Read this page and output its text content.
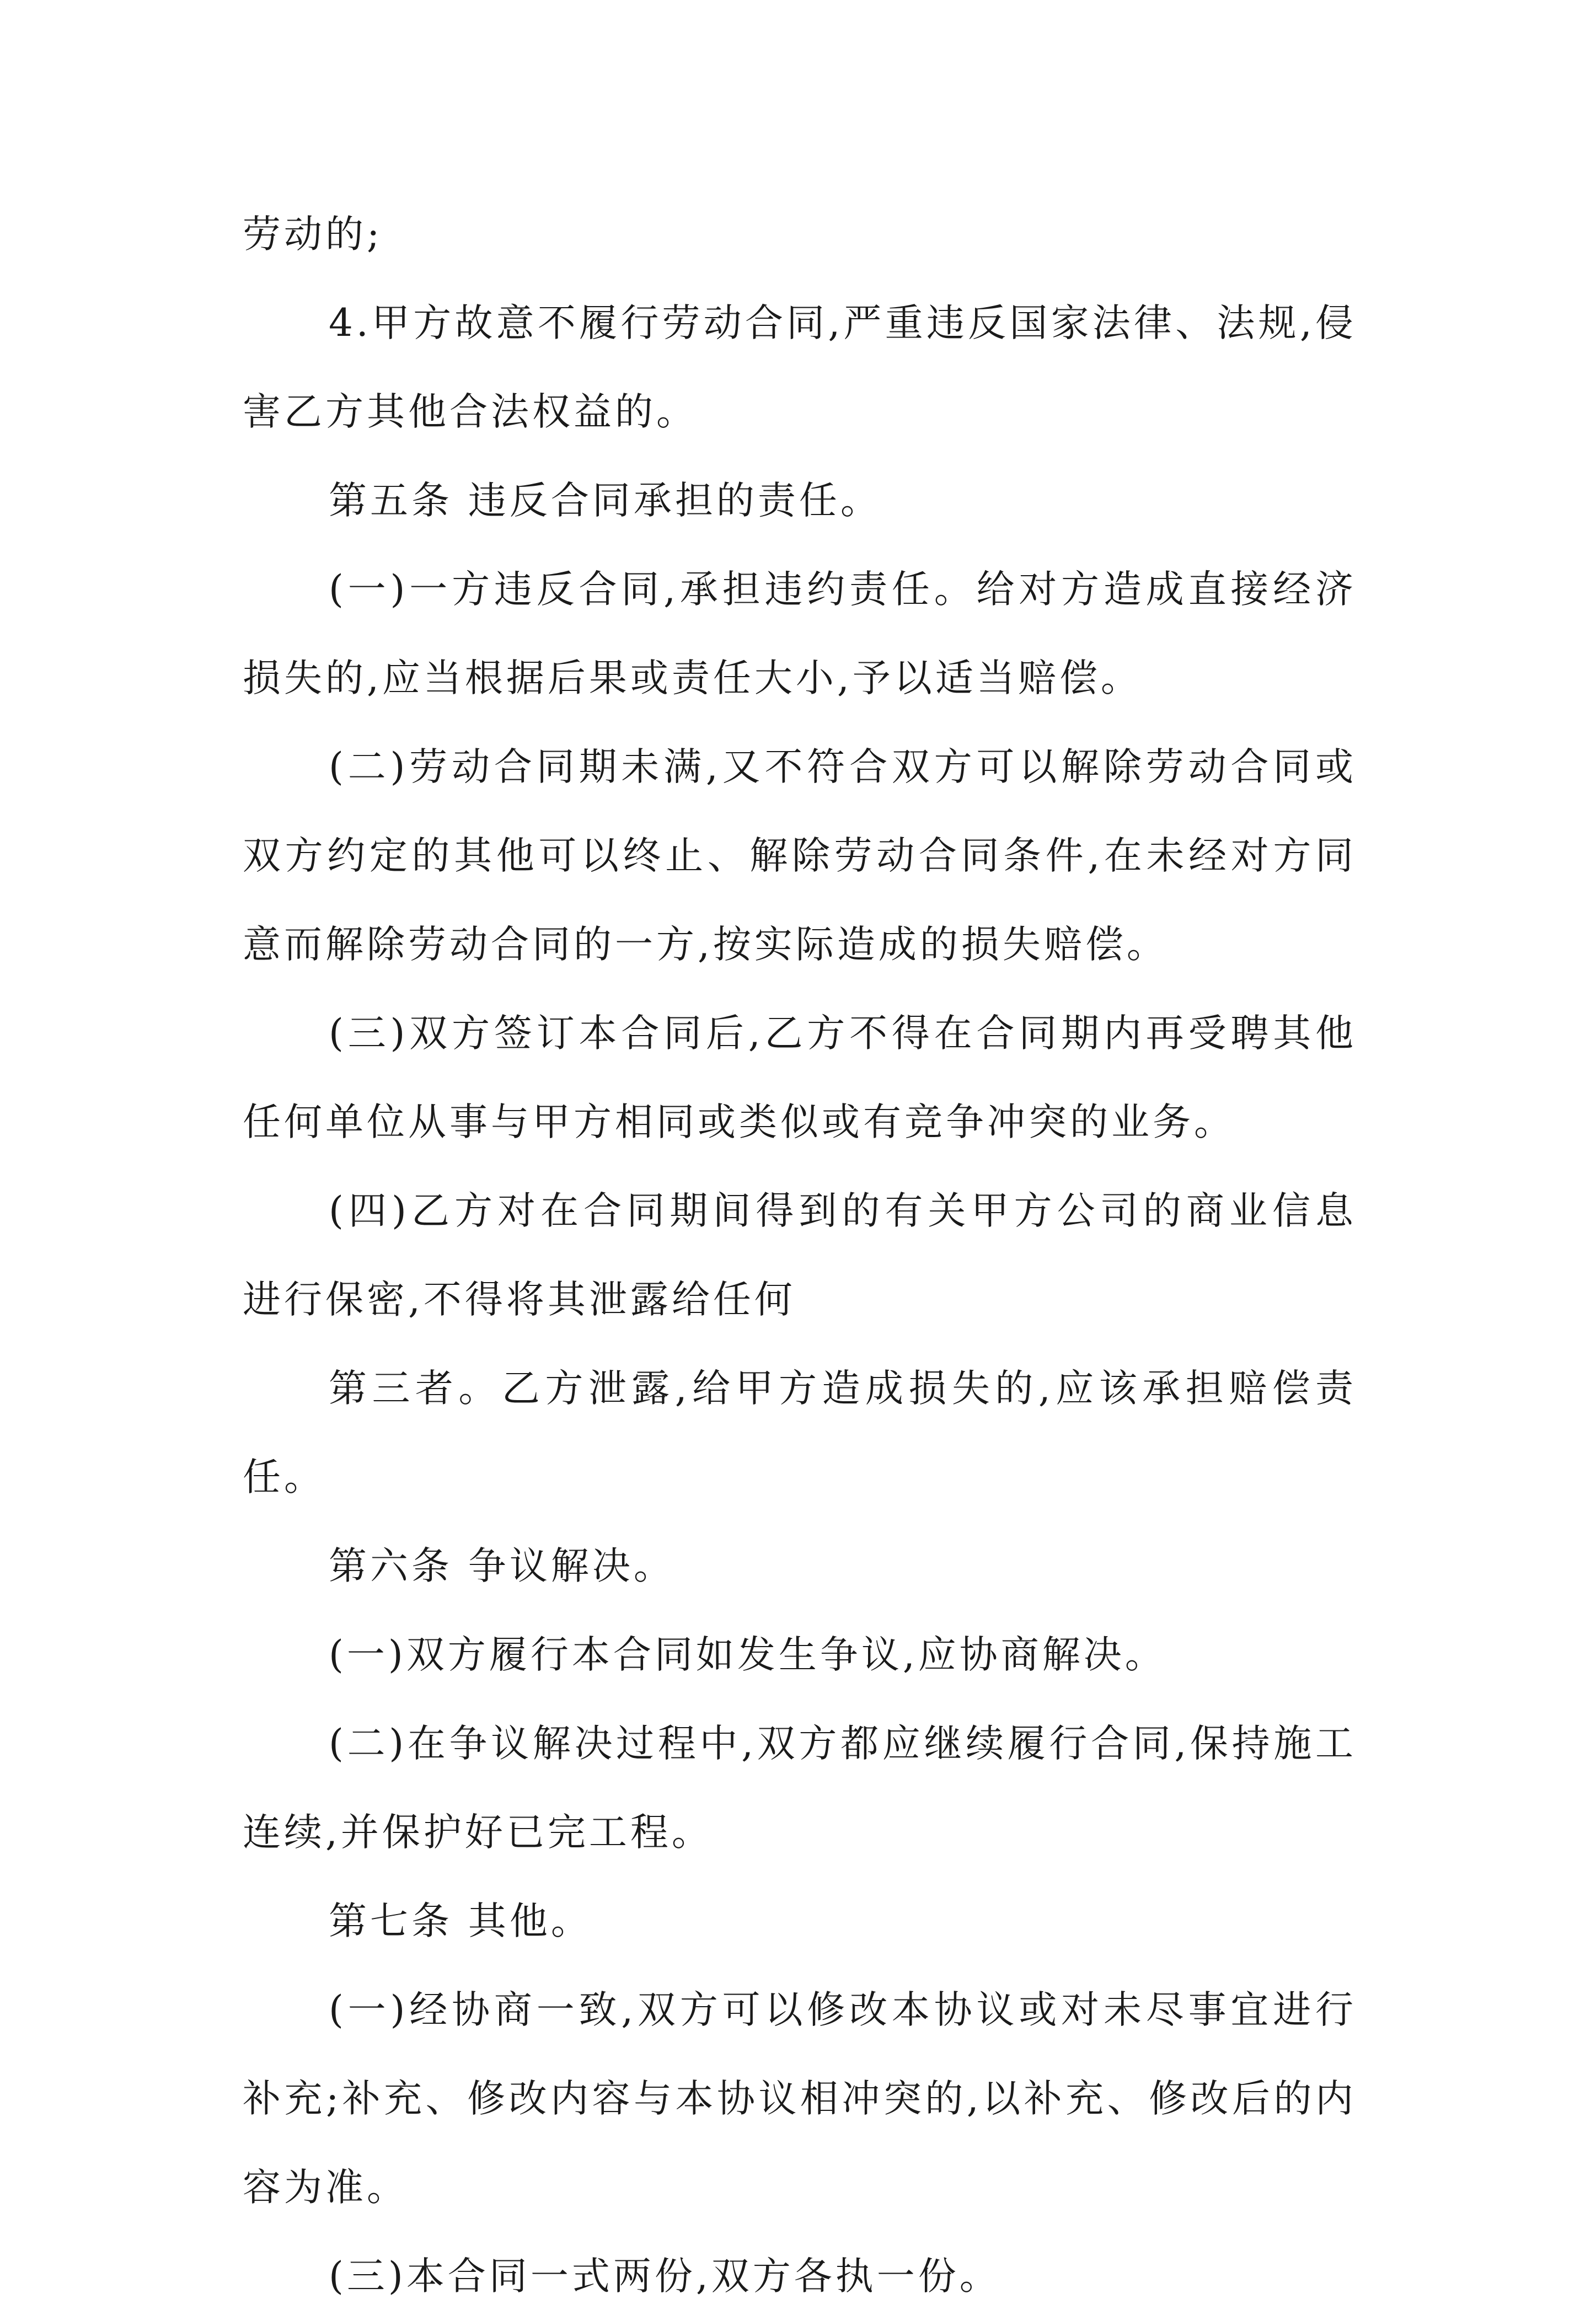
劳动的;

4.甲方故意不履行劳动合同,严重违反国家法律、法规,侵害乙方其他合法权益的。

第五条 违反合同承担的责任。

(一)一方违反合同,承担违约责任。给对方造成直接经济损失的,应当根据后果或责任大小,予以适当赔偿。

(二)劳动合同期未满,又不符合双方可以解除劳动合同或双方约定的其他可以终止、解除劳动合同条件,在未经对方同意而解除劳动合同的一方,按实际造成的损失赔偿。

(三)双方签订本合同后,乙方不得在合同期内再受聘其他任何单位从事与甲方相同或类似或有竞争冲突的业务。

(四)乙方对在合同期间得到的有关甲方公司的商业信息进行保密,不得将其泄露给任何

第三者。乙方泄露,给甲方造成损失的,应该承担赔偿责任。

第六条 争议解决。

(一)双方履行本合同如发生争议,应协商解决。

(二)在争议解决过程中,双方都应继续履行合同,保持施工连续,并保护好已完工程。

第七条 其他。

(一)经协商一致,双方可以修改本协议或对未尽事宜进行补充;补充、修改内容与本协议相冲突的,以补充、修改后的内容为准。

(三)本合同一式两份,双方各执一份。
